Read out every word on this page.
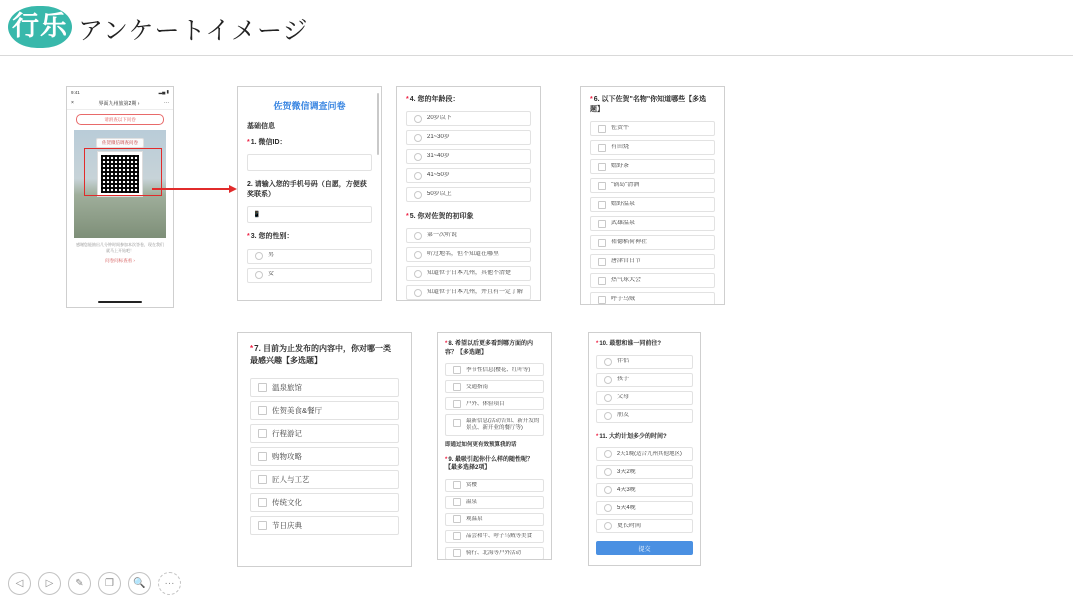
行乐 アンケートイメージ
9:41	▂▄ ▮
×	界面九州旅第2期 ›	···
请滑查以下问卷
佐贺微信调查问卷
感谢您能抽出几分钟时间参加本次答卷，现在我们就马上开始吧！
问卷问标查看 ›
佐贺微信调查问卷
基础信息
*1. 微信ID：
2. 请输入您的手机号码（自愿，方便获奖联系）
📱
*3. 您的性别：
男
女
*4. 您的年龄段：
20岁以下
21~30岁
31~40岁
41~50岁
50岁以上
*5. 你对佐贺的初印象
第一次听说
听过地名，但不知道在哪里
知道位于日本九州，其他不清楚
知道位于日本九州，并且有一定了解
*6. 以下佐贺"名物"你知道哪些【多选题】
佐贺牛
有田烧
嬉野茶
"锅岛"清酒
嬉野温泉
武雄温泉
祐德稻荷神社
唐津宫日节
热气球大会
呼子乌贼
*7. 目前为止发布的内容中，你对哪一类最感兴趣【多选题】
温泉旅馆
佐贺美食&餐厅
行程游记
购物攻略
匠人与工艺
传统文化
节日庆典
*8. 希望以后更多看到哪方面的内容？【多选题】
季节性信息(樱花、红叶等)
交通指南
户外、体验项目
最新信息(活动告知、新开发的景点、新开业的餐厅等)
即通过如何更有效预算我的话
*9. 最吸引起你什么样的随性呢？【最多选择2项】
赏樱
温泉
观温泉
品尝和牛、呼子乌贼等美食
骑行、北海等户外活动
*10. 最想和谁一同前往?
伴侣
孩子
父母
朋友
*11. 大约计划多少的时间?
2天1晚(适合九州其他地区)
3天2晚
4天3晚
5天4晚
更长时间
提交
◁	▷	✎	❐	🔍	···
